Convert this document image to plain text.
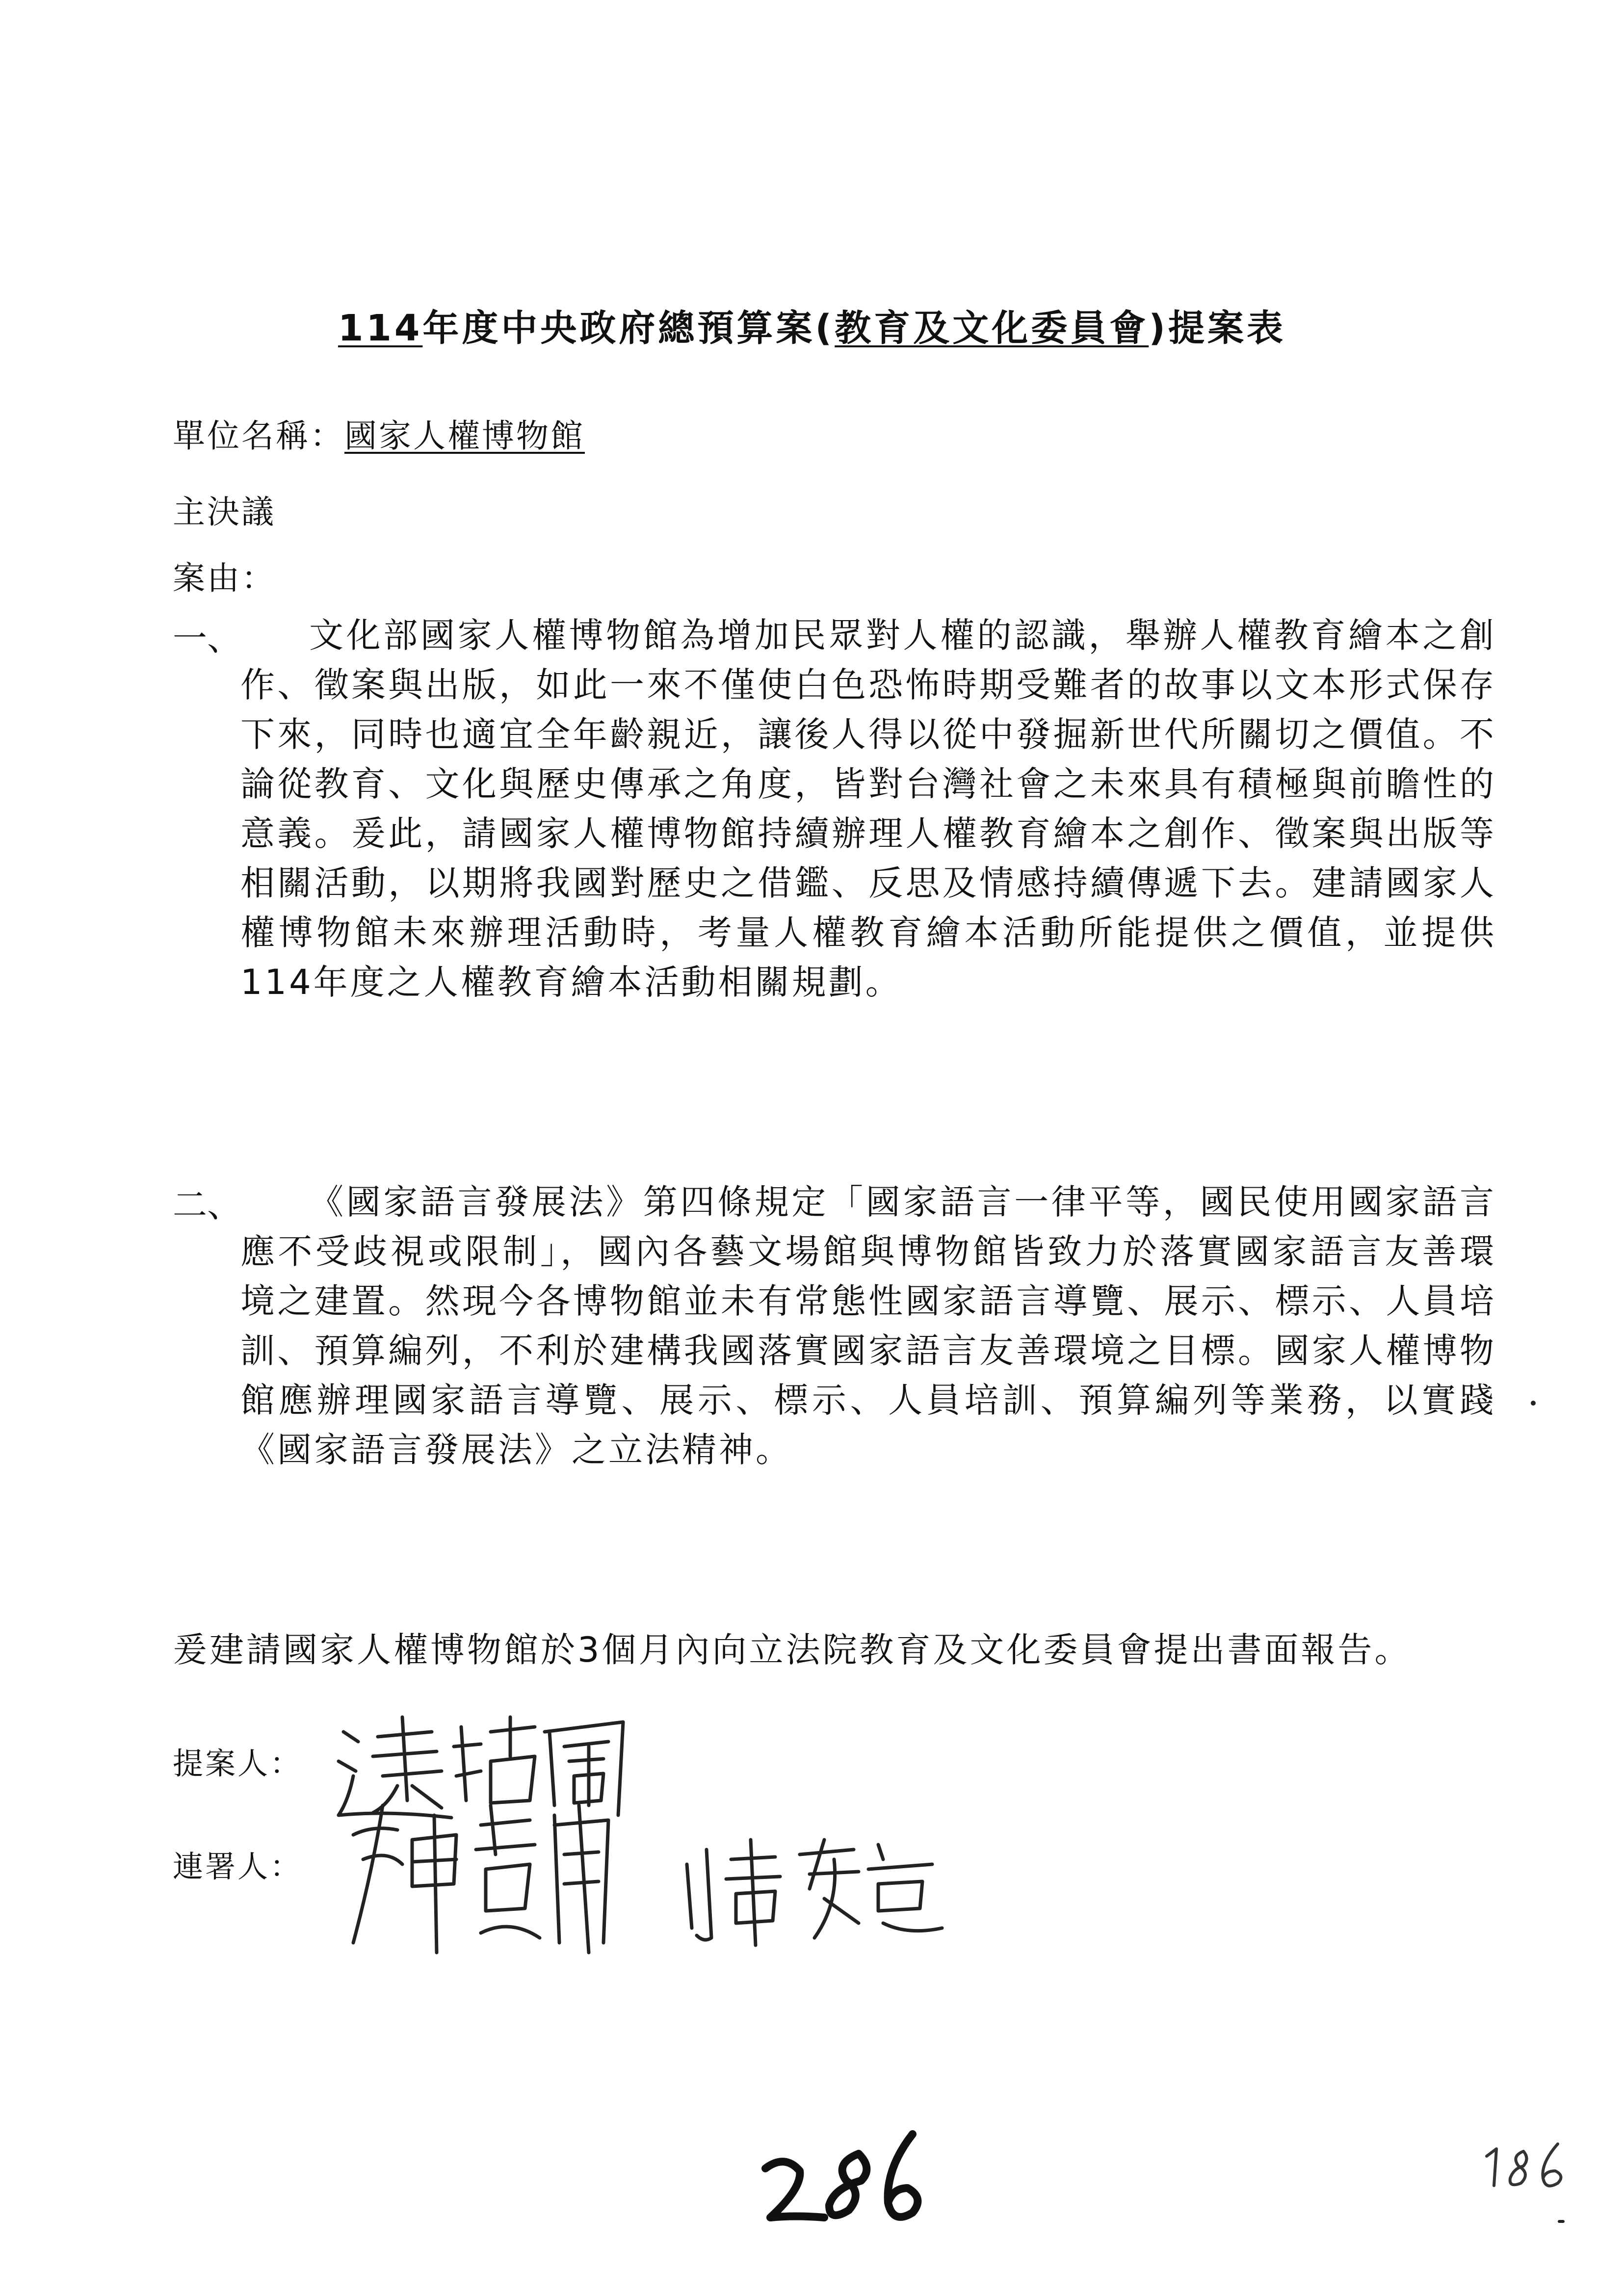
114年度中央政府總預算案(教育及文化委員會)提案表
單位名稱：國家人權博物館
主決議
案由：
一、	文化部國家人權博物館為增加民眾對人權的認識，舉辦人權教育繪本之創作、徵案與出版，如此一來不僅使白色恐怖時期受難者的故事以文本形式保存下來，同時也適宜全年齡親近，讓後人得以從中發掘新世代所關切之價值。不論從教育、文化與歷史傳承之角度，皆對台灣社會之未來具有積極與前瞻性的意義。爰此，請國家人權博物館持續辦理人權教育繪本之創作、徵案與出版等相關活動，以期將我國對歷史之借鑑、反思及情感持續傳遞下去。建請國家人權博物館未來辦理活動時，考量人權教育繪本活動所能提供之價值，並提供114年度之人權教育繪本活動相關規劃。
二、	《國家語言發展法》第四條規定「國家語言一律平等，國民使用國家語言應不受歧視或限制」，國內各藝文場館與博物館皆致力於落實國家語言友善環境之建置。然現今各博物館並未有常態性國家語言導覽、展示、標示、人員培訓、預算編列，不利於建構我國落實國家語言友善環境之目標。國家人權博物館應辦理國家語言導覽、展示、標示、人員培訓、預算編列等業務，以實踐《國家語言發展法》之立法精神。
爰建請國家人權博物館於3個月內向立法院教育及文化委員會提出書面報告。
提案人：
連署人：
